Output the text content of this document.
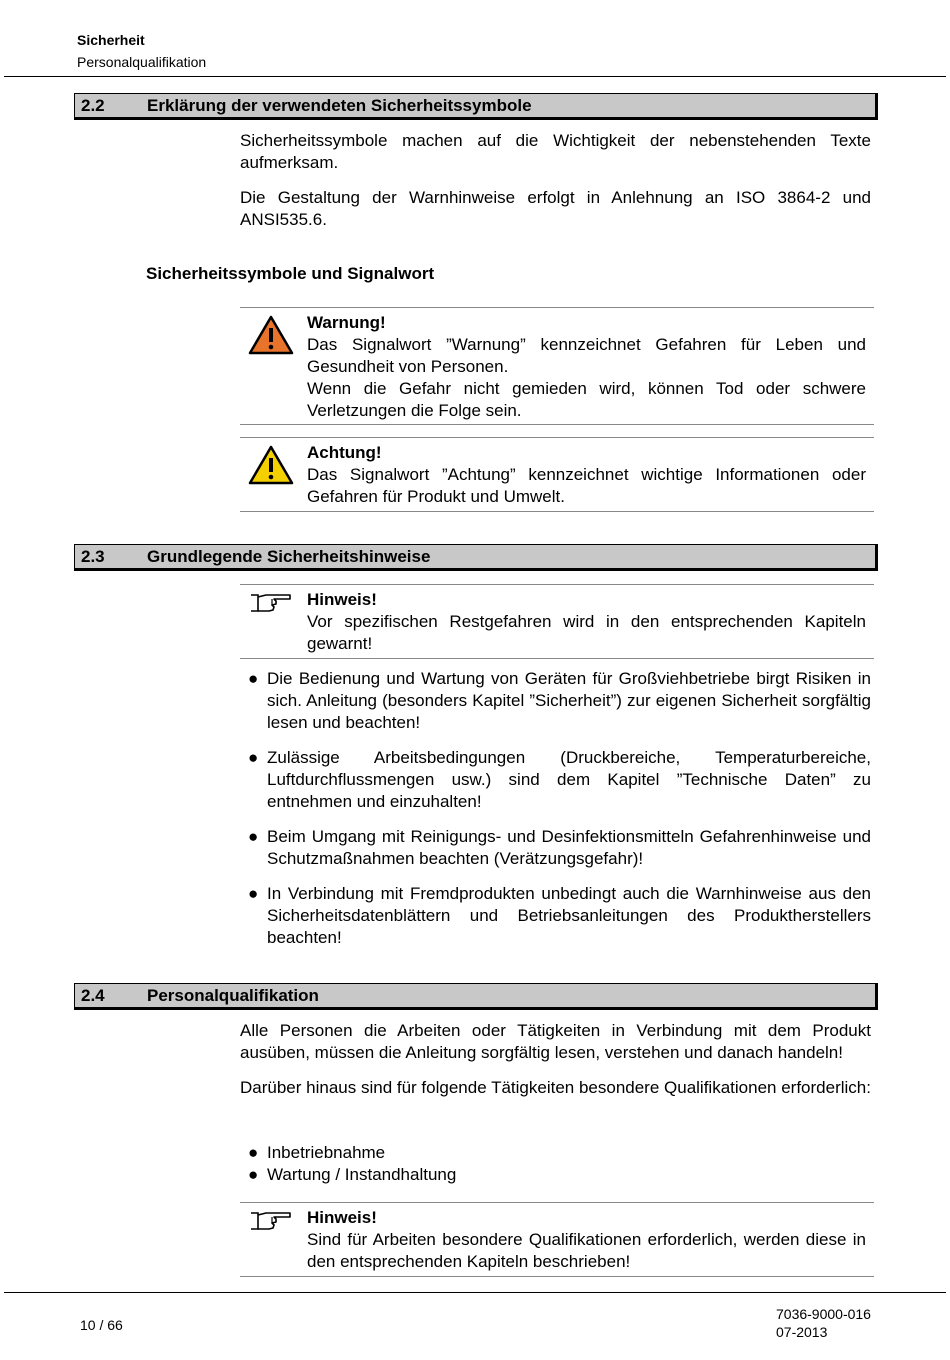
Sicherheit
Personalqualifikation
2.2 Erklärung der verwendeten Sicherheitssymbole

Sicherheitssymbole machen auf die Wichtigkeit der nebenstehenden Texte aufmerksam.

Die Gestaltung der Warnhinweise erfolgt in Anlehnung an ISO 3864-2 und ANSI535.6.

Sicherheitssymbole und Signalwort
Warnung!
Das Signalwort ”Warnung” kennzeichnet Gefahren für Leben und Gesundheit von Personen.
Wenn die Gefahr nicht gemieden wird, können Tod oder schwere Verletzungen die Folge sein.
Achtung!
Das Signalwort ”Achtung” kennzeichnet wichtige Informationen oder Gefahren für Produkt und Umwelt.
2.3 Grundlegende Sicherheitshinweise
Hinweis!
Vor spezifischen Restgefahren wird in den entsprechenden Kapiteln gewarnt!
● Die Bedienung und Wartung von Geräten für Großviehbetriebe birgt Risiken in sich. Anleitung (besonders Kapitel ”Sicherheit”) zur eigenen Sicherheit sorgfältig lesen und beachten!
● Zulässige Arbeitsbedingungen (Druckbereiche, Temperaturbereiche, Luftdurchflussmengen usw.) sind dem Kapitel ”Technische Daten” zu entnehmen und einzuhalten!
● Beim Umgang mit Reinigungs- und Desinfektionsmitteln Gefahrenhinweise und Schutzmaßnahmen beachten (Verätzungsgefahr)!
● In Verbindung mit Fremdprodukten unbedingt auch die Warnhinweise aus den Sicherheitsdatenblättern und Betriebsanleitungen des Produktherstellers beachten!
2.4 Personalqualifikation

Alle Personen die Arbeiten oder Tätigkeiten in Verbindung mit dem Produkt ausüben, müssen die Anleitung sorgfältig lesen, verstehen und danach handeln!

Darüber hinaus sind für folgende Tätigkeiten besondere Qualifikationen erforderlich:

● Inbetriebnahme
● Wartung / Instandhaltung
Hinweis!
Sind für Arbeiten besondere Qualifikationen erforderlich, werden diese in den entsprechenden Kapiteln beschrieben!
10 / 66
7036-9000-016
07-2013
